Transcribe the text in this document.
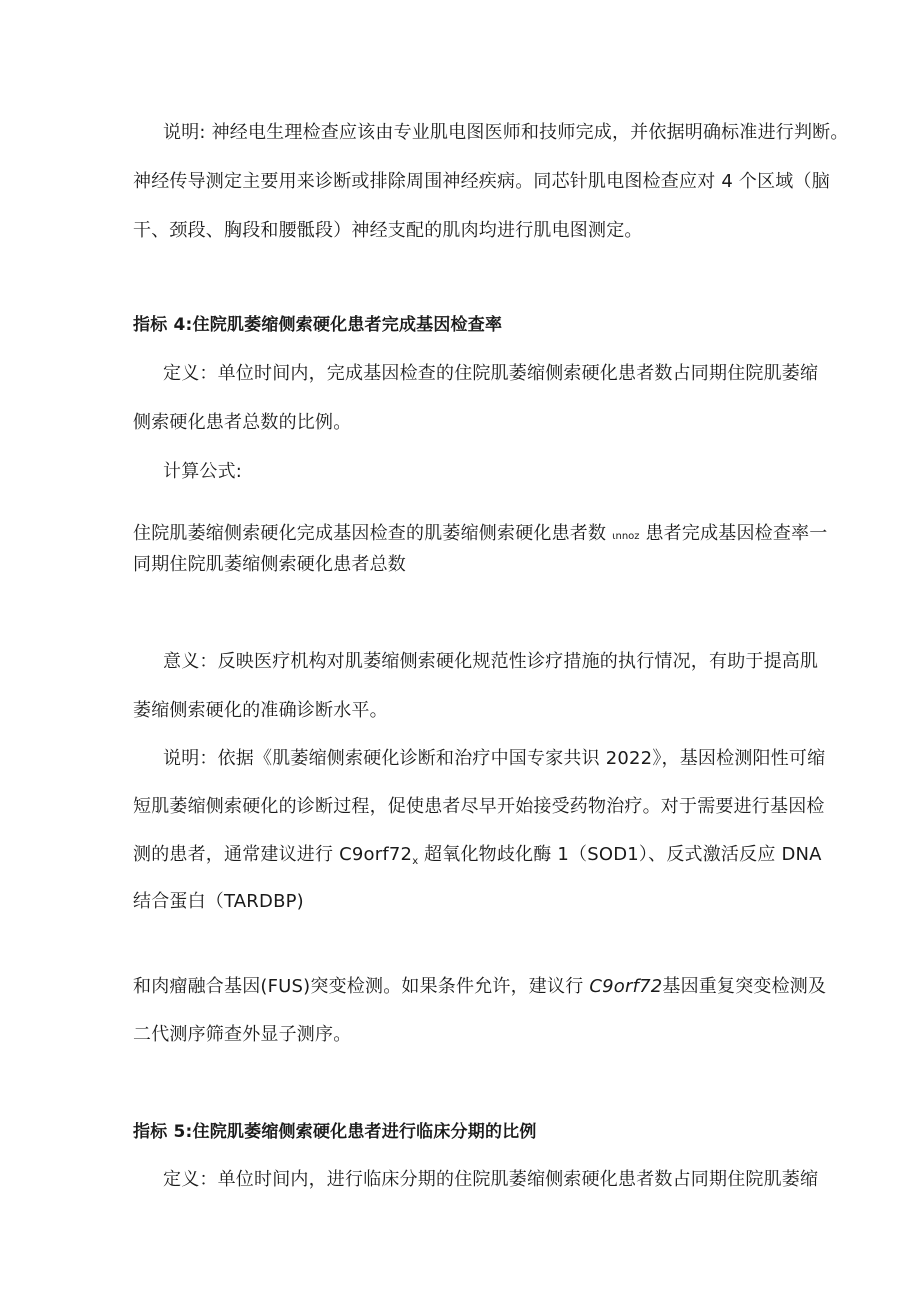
说明: 神经电生理检查应该由专业肌电图医师和技师完成，并依据明确标准进行判断。
神经传导测定主要用来诊断或排除周围神经疾病。同芯针肌电图检查应对 4 个区域（脑
干、颈段、胸段和腰骶段）神经支配的肌肉均进行肌电图测定。
指标 4:住院肌萎缩侧索硬化患者完成基因检查率
定义：单位时间内，完成基因检查的住院肌萎缩侧索硬化患者数占同期住院肌萎缩
侧索硬化患者总数的比例。
计算公式:
住院肌萎缩侧索硬化完成基因检查的肌萎缩侧索硬化患者数 ιnnoz 患者完成基因检查率一
同期住院肌萎缩侧索硬化患者总数
意义：反映医疗机构对肌萎缩侧索硬化规范性诊疗措施的执行情况，有助于提高肌
萎缩侧索硬化的准确诊断水平。
说明：依据《肌萎缩侧索硬化诊断和治疗中国专家共识 2022》，基因检测阳性可缩
短肌萎缩侧索硬化的诊断过程，促使患者尽早开始接受药物治疗。对于需要进行基因检
测的患者，通常建议进行 $C9orf72_x$ 超氧化物歧化酶 1（SOD1）、反式激活反应 DNA
结合蛋白（TARDBP)
和肉瘤融合基因(FUS)突变检测。如果条件允许，建议行 C9orf72基因重复突变检测及
二代测序筛查外显子测序。
指标 5:住院肌萎缩侧索硬化患者进行临床分期的比例
定义：单位时间内，进行临床分期的住院肌萎缩侧索硬化患者数占同期住院肌萎缩
